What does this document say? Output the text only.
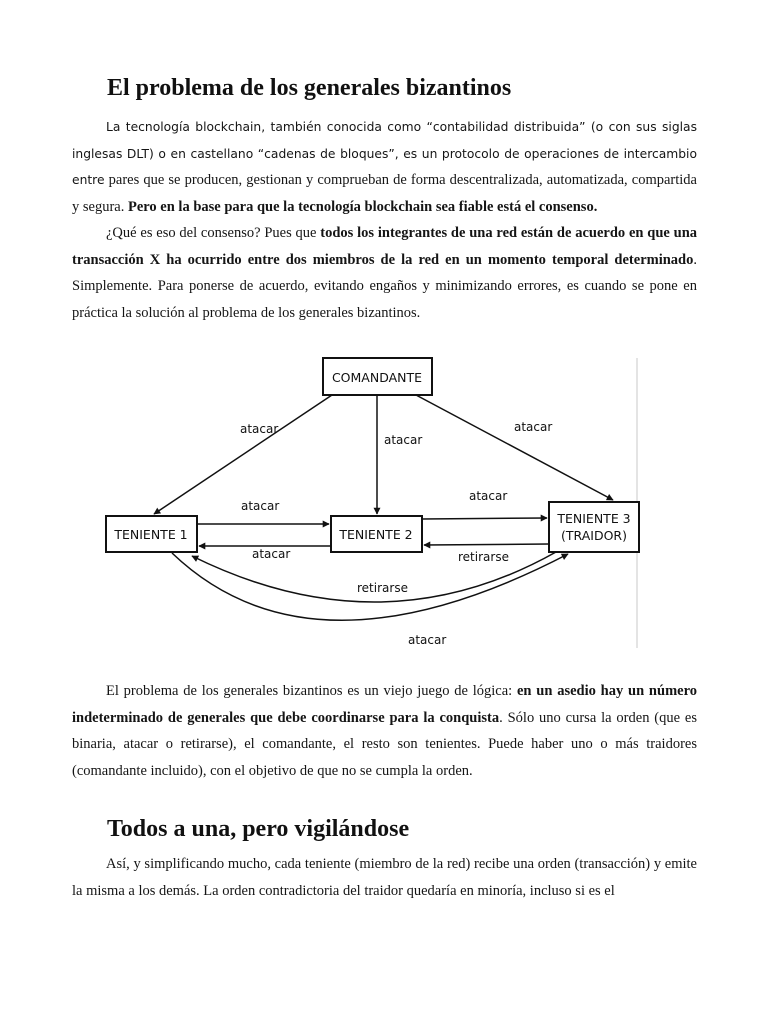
El problema de los generales bizantinos

La tecnología blockchain, también conocida como “contabilidad distribuida” (o con sus siglas inglesas DLT) o en castellano “cadenas de bloques”, es un protocolo de operaciones de intercambio entre pares que se producen, gestionan y comprueban de forma descentralizada, automatizada, compartida y segura. Pero en la base para que la tecnología blockchain sea fiable está el consenso.

¿Qué es eso del consenso? Pues que todos los integrantes de una red están de acuerdo en que una transacción X ha ocurrido entre dos miembros de la red en un momento temporal determinado. Simplemente. Para ponerse de acuerdo, evitando engaños y minimizando errores, es cuando se pone en práctica la solución al problema de los generales bizantinos.

COMANDANTE
TENIENTE 1	TENIENTE 2
TENIENTE 3
(TRAIDOR)
atacar
atacar
atacar
atacar
atacar
atacar
retirarse
retirarse
atacar

El problema de los generales bizantinos es un viejo juego de lógica: en un asedio hay un número indeterminado de generales que debe coordinarse para la conquista. Sólo uno cursa la orden (que es binaria, atacar o retirarse), el comandante, el resto son tenientes. Puede haber uno o más traidores (comandante incluido), con el objetivo de que no se cumpla la orden.

Todos a una, pero vigilándose

Así, y simplificando mucho, cada teniente (miembro de la red) recibe una orden (transacción) y emite la misma a los demás. La orden contradictoria del traidor quedaría en minoría, incluso si es el
